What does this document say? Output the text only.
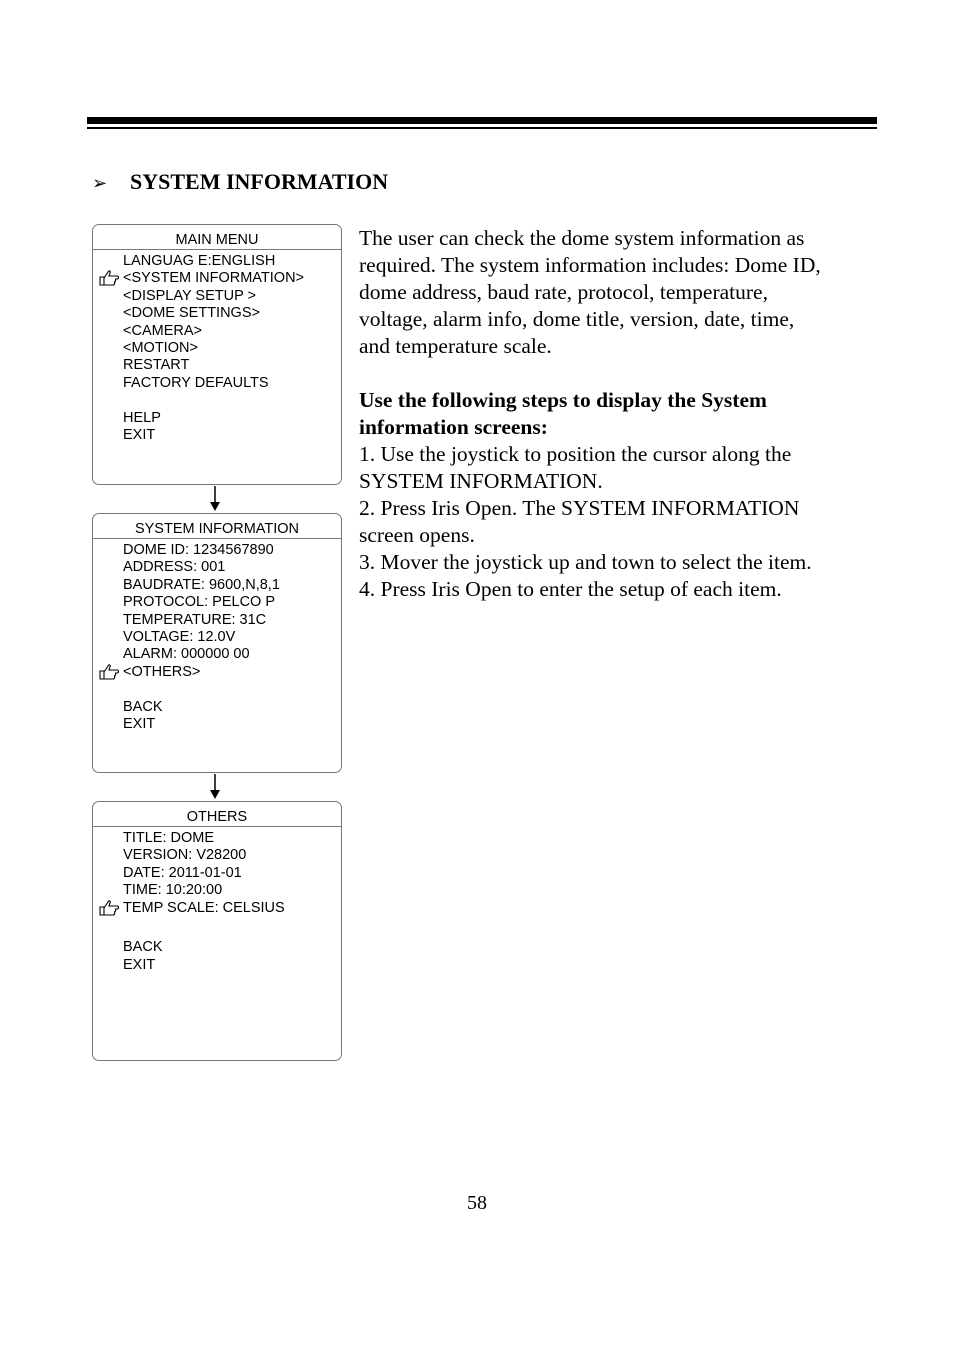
➢ SYSTEM INFORMATION
MAIN MENU
LANGUAG E:ENGLISH
<SYSTEM INFORMATION>
<DISPLAY SETUP >
<DOME SETTINGS>
<CAMERA>
<MOTION>
RESTART
FACTORY DEFAULTS
HELP
EXIT
SYSTEM INFORMATION
DOME ID: 1234567890
ADDRESS: 001
BAUDRATE: 9600,N,8,1
PROTOCOL: PELCO P
TEMPERATURE: 31C
VOLTAGE: 12.0V
ALARM: 000000 00
<OTHERS>
BACK
EXIT
OTHERS
TITLE: DOME
VERSION: V28200
DATE: 2011-01-01
TIME: 10:20:00
TEMP SCALE: CELSIUS
BACK
EXIT

The user can check the dome system information as

required. The system information includes: Dome ID,

dome address, baud rate, protocol, temperature,

voltage, alarm info, dome title, version, date, time,

and temperature scale.

Use the following steps to display the System

information screens:

1. Use the joystick to position the cursor along the

SYSTEM INFORMATION.

2. Press Iris Open. The SYSTEM INFORMATION

screen opens.

3. Mover the joystick up and town to select the item.

4. Press Iris Open to enter the setup of each item.

58
